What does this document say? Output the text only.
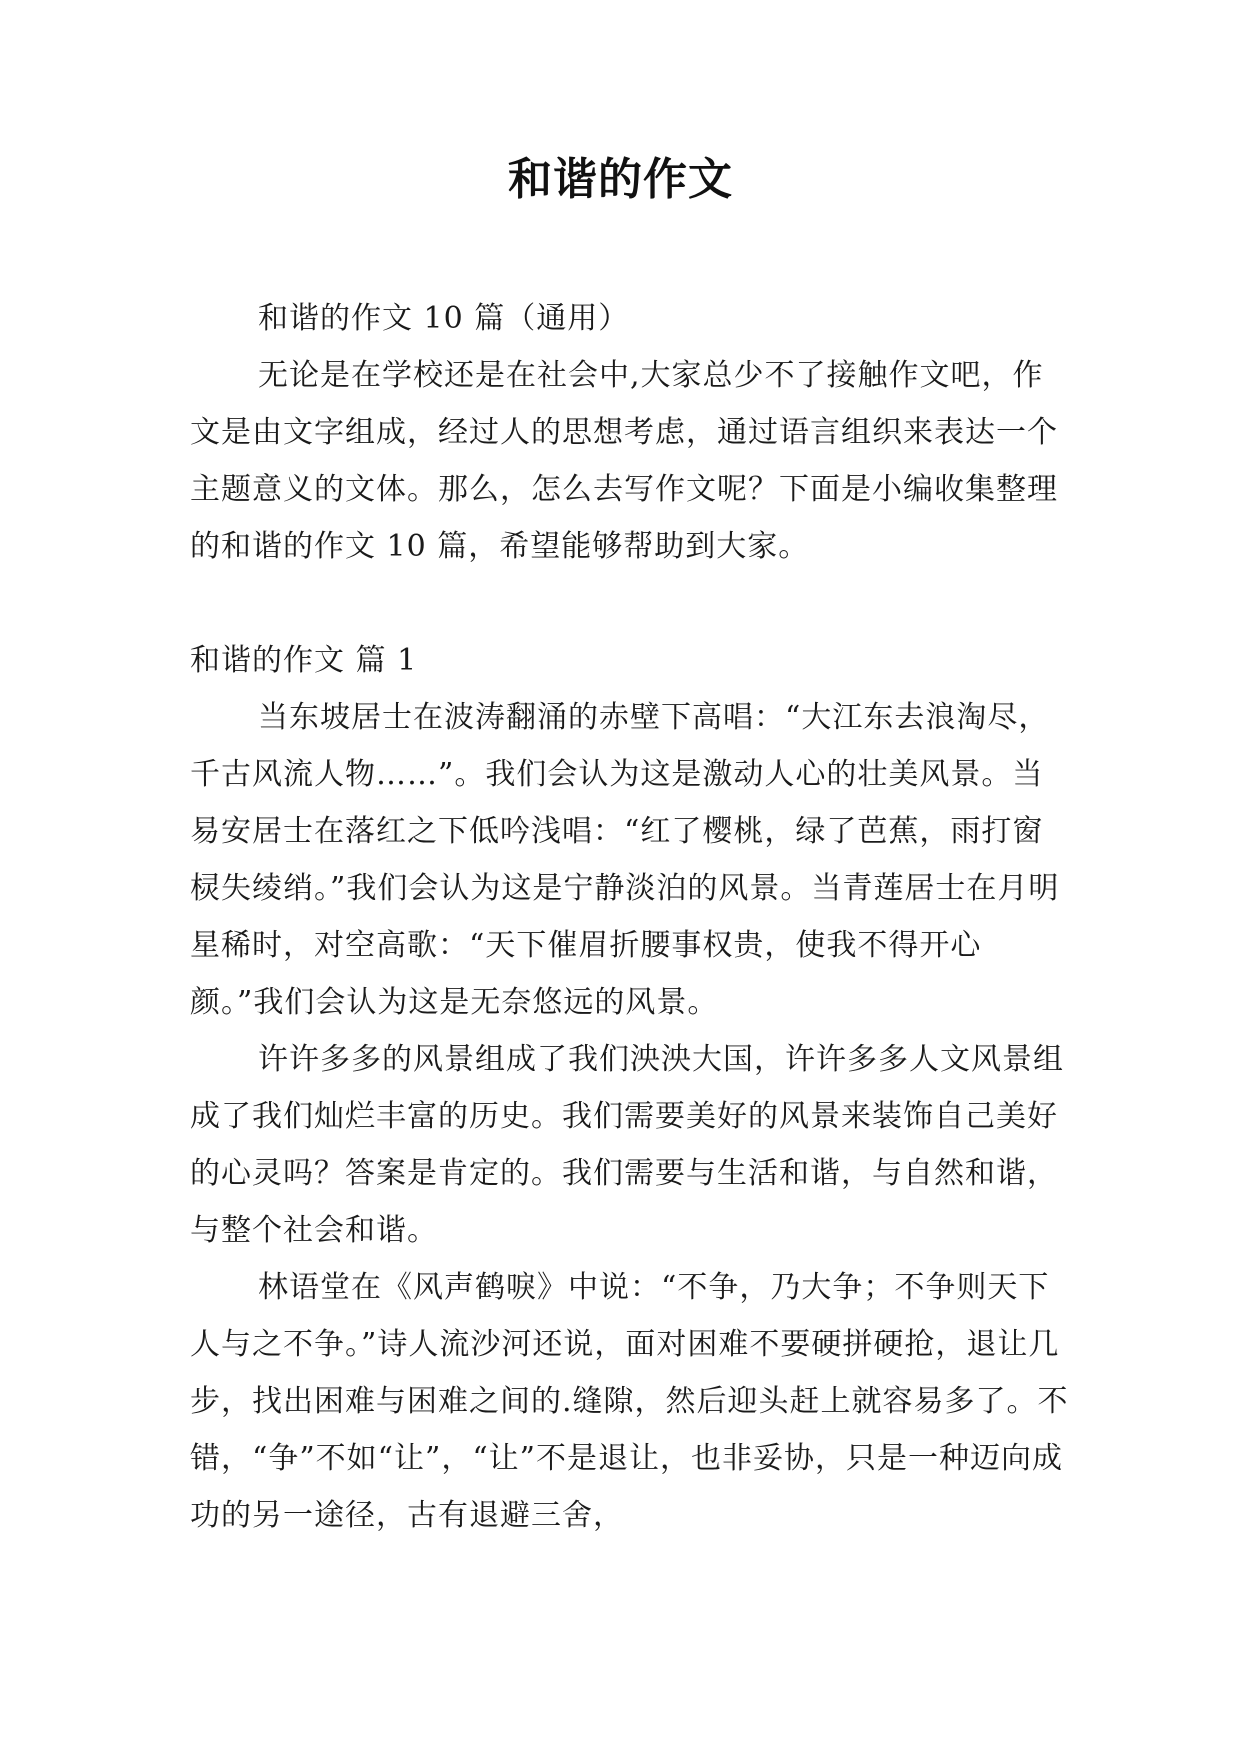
和谐的作文

和谐的作文 10 篇（通用）

无论是在学校还是在社会中,大家总少不了接触作文吧，作文是由文字组成，经过人的思想考虑，通过语言组织来表达一个主题意义的文体。那么，怎么去写作文呢？下面是小编收集整理的和谐的作文 10 篇，希望能够帮助到大家。

和谐的作文 篇 1

当东坡居士在波涛翻涌的赤壁下高唱：“大江东去浪淘尽，千古风流人物……”。我们会认为这是激动人心的壮美风景。当易安居士在落红之下低吟浅唱：“红了樱桃，绿了芭蕉，雨打窗棂失绫绡。”我们会认为这是宁静淡泊的风景。当青莲居士在月明星稀时，对空高歌：“天下催眉折腰事权贵，使我不得开心颜。”我们会认为这是无奈悠远的风景。

许许多多的风景组成了我们泱泱大国，许许多多人文风景组成了我们灿烂丰富的历史。我们需要美好的风景来装饰自己美好的心灵吗？答案是肯定的。我们需要与生活和谐，与自然和谐，与整个社会和谐。

林语堂在《风声鹤唳》中说：“不争，乃大争；不争则天下人与之不争。”诗人流沙河还说，面对困难不要硬拼硬抢，退让几步，找出困难与困难之间的.缝隙，然后迎头赶上就容易多了。不错，“争”不如“让”，“让”不是退让，也非妥协，只是一种迈向成功的另一途径，古有退避三舍，
